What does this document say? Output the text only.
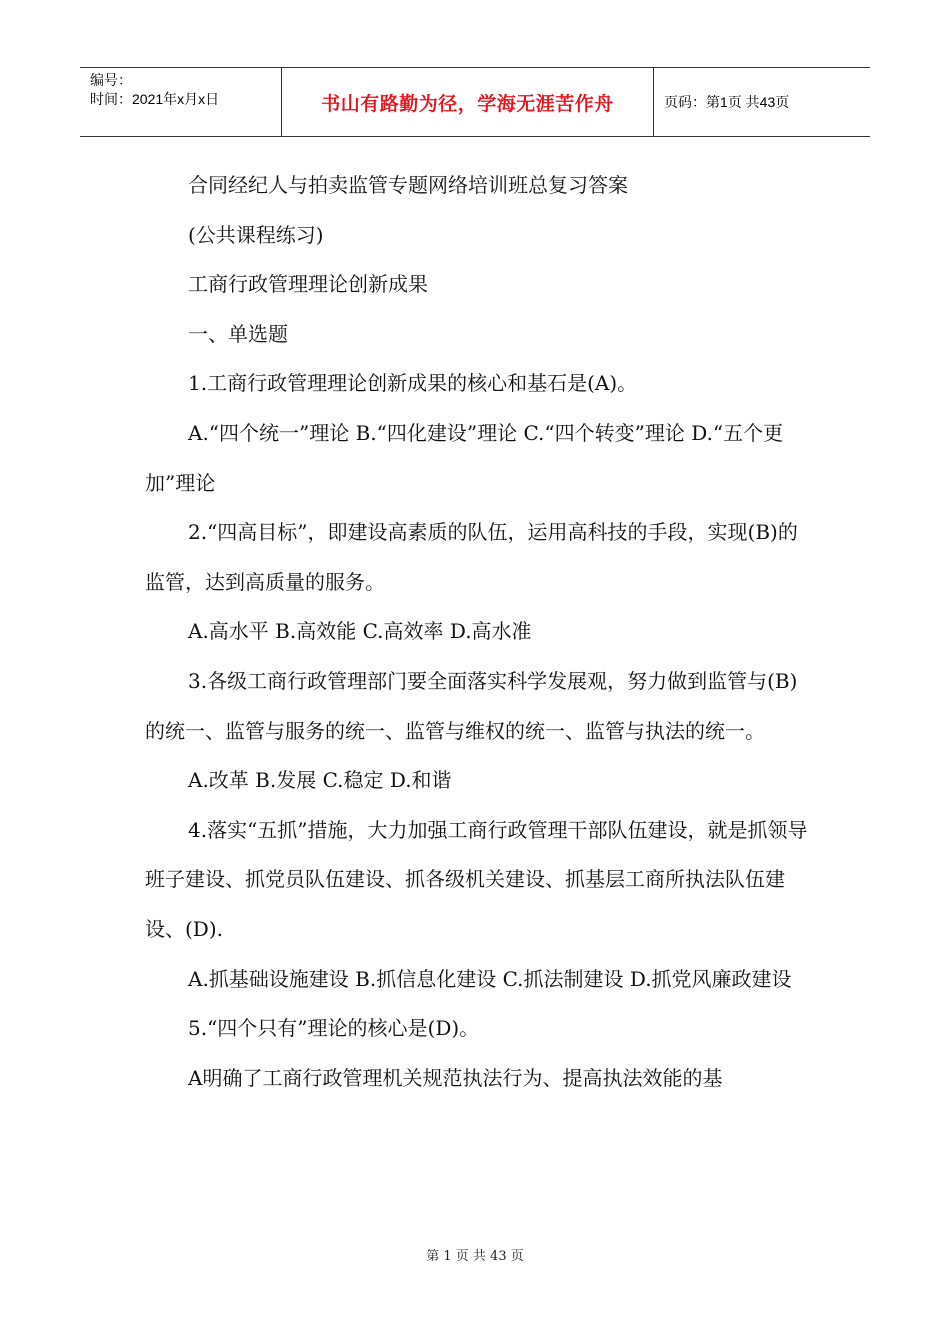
编号：
时间：2021年x月x日	书山有路勤为径，学海无涯苦作舟	页码：第1页 共43页

合同经纪人与拍卖监管专题网络培训班总复习答案

(公共课程练习)

工商行政管理理论创新成果

一、单选题

1.工商行政管理理论创新成果的核心和基石是(A)。

A.“四个统一”理论 B.“四化建设”理论 C.“四个转变”理论 D.“五个更加”理论

2.“四高目标”，即建设高素质的队伍，运用高科技的手段，实现(B)的监管，达到高质量的服务。

A.高水平 B.高效能 C.高效率 D.高水准

3.各级工商行政管理部门要全面落实科学发展观，努力做到监管与(B)的统一、监管与服务的统一、监管与维权的统一、监管与执法的统一。

A.改革 B.发展 C.稳定 D.和谐

4.落实“五抓”措施，大力加强工商行政管理干部队伍建设，就是抓领导班子建设、抓党员队伍建设、抓各级机关建设、抓基层工商所执法队伍建设、(D).

A.抓基础设施建设 B.抓信息化建设 C.抓法制建设 D.抓党风廉政建设

5.“四个只有”理论的核心是(D)。

A明确了工商行政管理机关规范执法行为、提高执法效能的基

第 1 页 共 43 页
